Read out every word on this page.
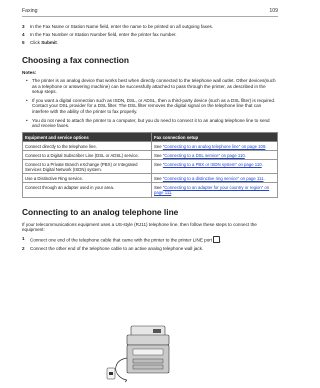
Faxing	109
3	In the Fax Name or Station Name field, enter the name to be printed on all outgoing faxes.
4	In the Fax Number or Station Number field, enter the printer fax number.
5	Click Submit.
Choosing a fax connection
Notes:
• The printer is an analog device that works best when directly connected to the telephone wall outlet. Other devices(such as a telephone or answering machine) can be successfully attached to pass through the printer, as described in the setup steps.
• If you want a digital connection such as ISDN, DSL, or ADSL, then a third-party device (such as a DSL filter) is required. Contact your DSL provider for a DSL filter. The DSL filter removes the digital signal on the telephone line that can interfere with the ability of the printer to fax properly.
• You do not need to attach the printer to a computer, but you do need to connect it to an analog telephone line to send and receive faxes.
Equipment and service options	Fax connection setup
Connect directly to the telephone line.	See “Connecting to an analog telephone line” on page 109.
Connect to a Digital Subscriber Line (DSL or ADSL) service.	See “Connecting to a DSL service” on page 110.
Connect to a Private Branch eXchange (PBX) or Integrated Services Digital Network (ISDN) system.	See “Connecting to a PBX or ISDN system” on page 110.
Use a Distinctive Ring service.	See “Connecting to a distinctive ring service” on page 111.
Connect through an adapter used in your area.	See “Connecting to an adapter for your country or region” on page 111.
Connecting to an analog telephone line
If your telecommunications equipment uses a US-style (RJ11) telephone line, then follow these steps to connect the equipment:
1	Connect one end of the telephone cable that came with the printer to the printer LINE port .
2	Connect the other end of the telephone cable to an active analog telephone wall jack.
